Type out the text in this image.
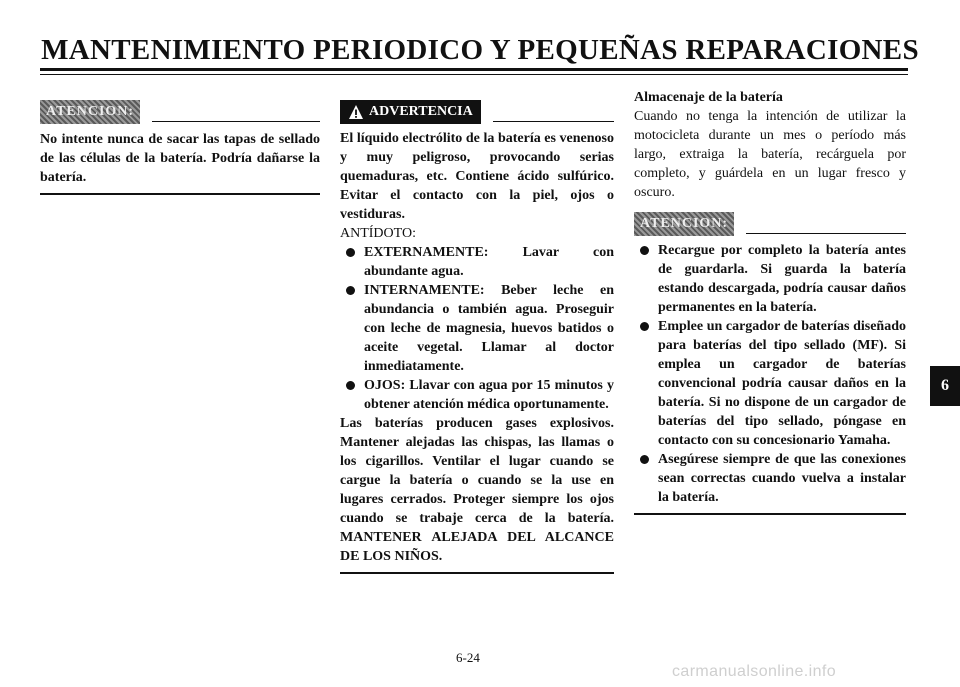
MANTENIMIENTO PERIODICO Y PEQUEÑAS REPARACIONES
ATENCION:

No intente nunca de sacar las tapas de sellado de las células de la batería. Podría dañarse la batería.

ADVERTENCIA

El líquido electrólito de la batería es venenoso y muy peligroso, provocando serias quemaduras, etc. Contiene ácido sulfúrico. Evitar el contacto con la piel, ojos o vestiduras.

ANTÍDOTO:

EXTERNAMENTE: Lavar con abundante agua.
INTERNAMENTE: Beber leche en abundancia o también agua. Proseguir con leche de magnesia, huevos batidos o aceite vegetal. Llamar al doctor inmediatamente.
OJOS: Llavar con agua por 15 minutos y obtener atención médica oportunamente.

Las baterías producen gases explosivos. Mantener alejadas las chispas, las llamas o los cigarillos. Ventilar el lugar cuando se cargue la batería o cuando se la use en lugares cerrados. Proteger siempre los ojos cuando se trabaje cerca de la batería. MANTENER ALEJADA DEL ALCANCE DE LOS NIÑOS.

Almacenaje de la batería

Cuando no tenga la intención de utilizar la motocicleta durante un mes o período más largo, extraiga la batería, recárguela por completo, y guárdela en un lugar fresco y oscuro.

ATENCION:
Recargue por completo la batería antes de guardarla. Si guarda la batería estando descargada, podría causar daños permanentes en la batería.
Emplee un cargador de baterías diseñado para baterías del tipo sellado (MF). Si emplea un cargador de baterías convencional podría causar daños en la batería. Si no dispone de un cargador de baterías del tipo sellado, póngase en contacto con su concesionario Yamaha.
Asegúrese siempre de que las conexiones sean correctas cuando vuelva a instalar la batería.
6
6-24
carmanualsonline.info
